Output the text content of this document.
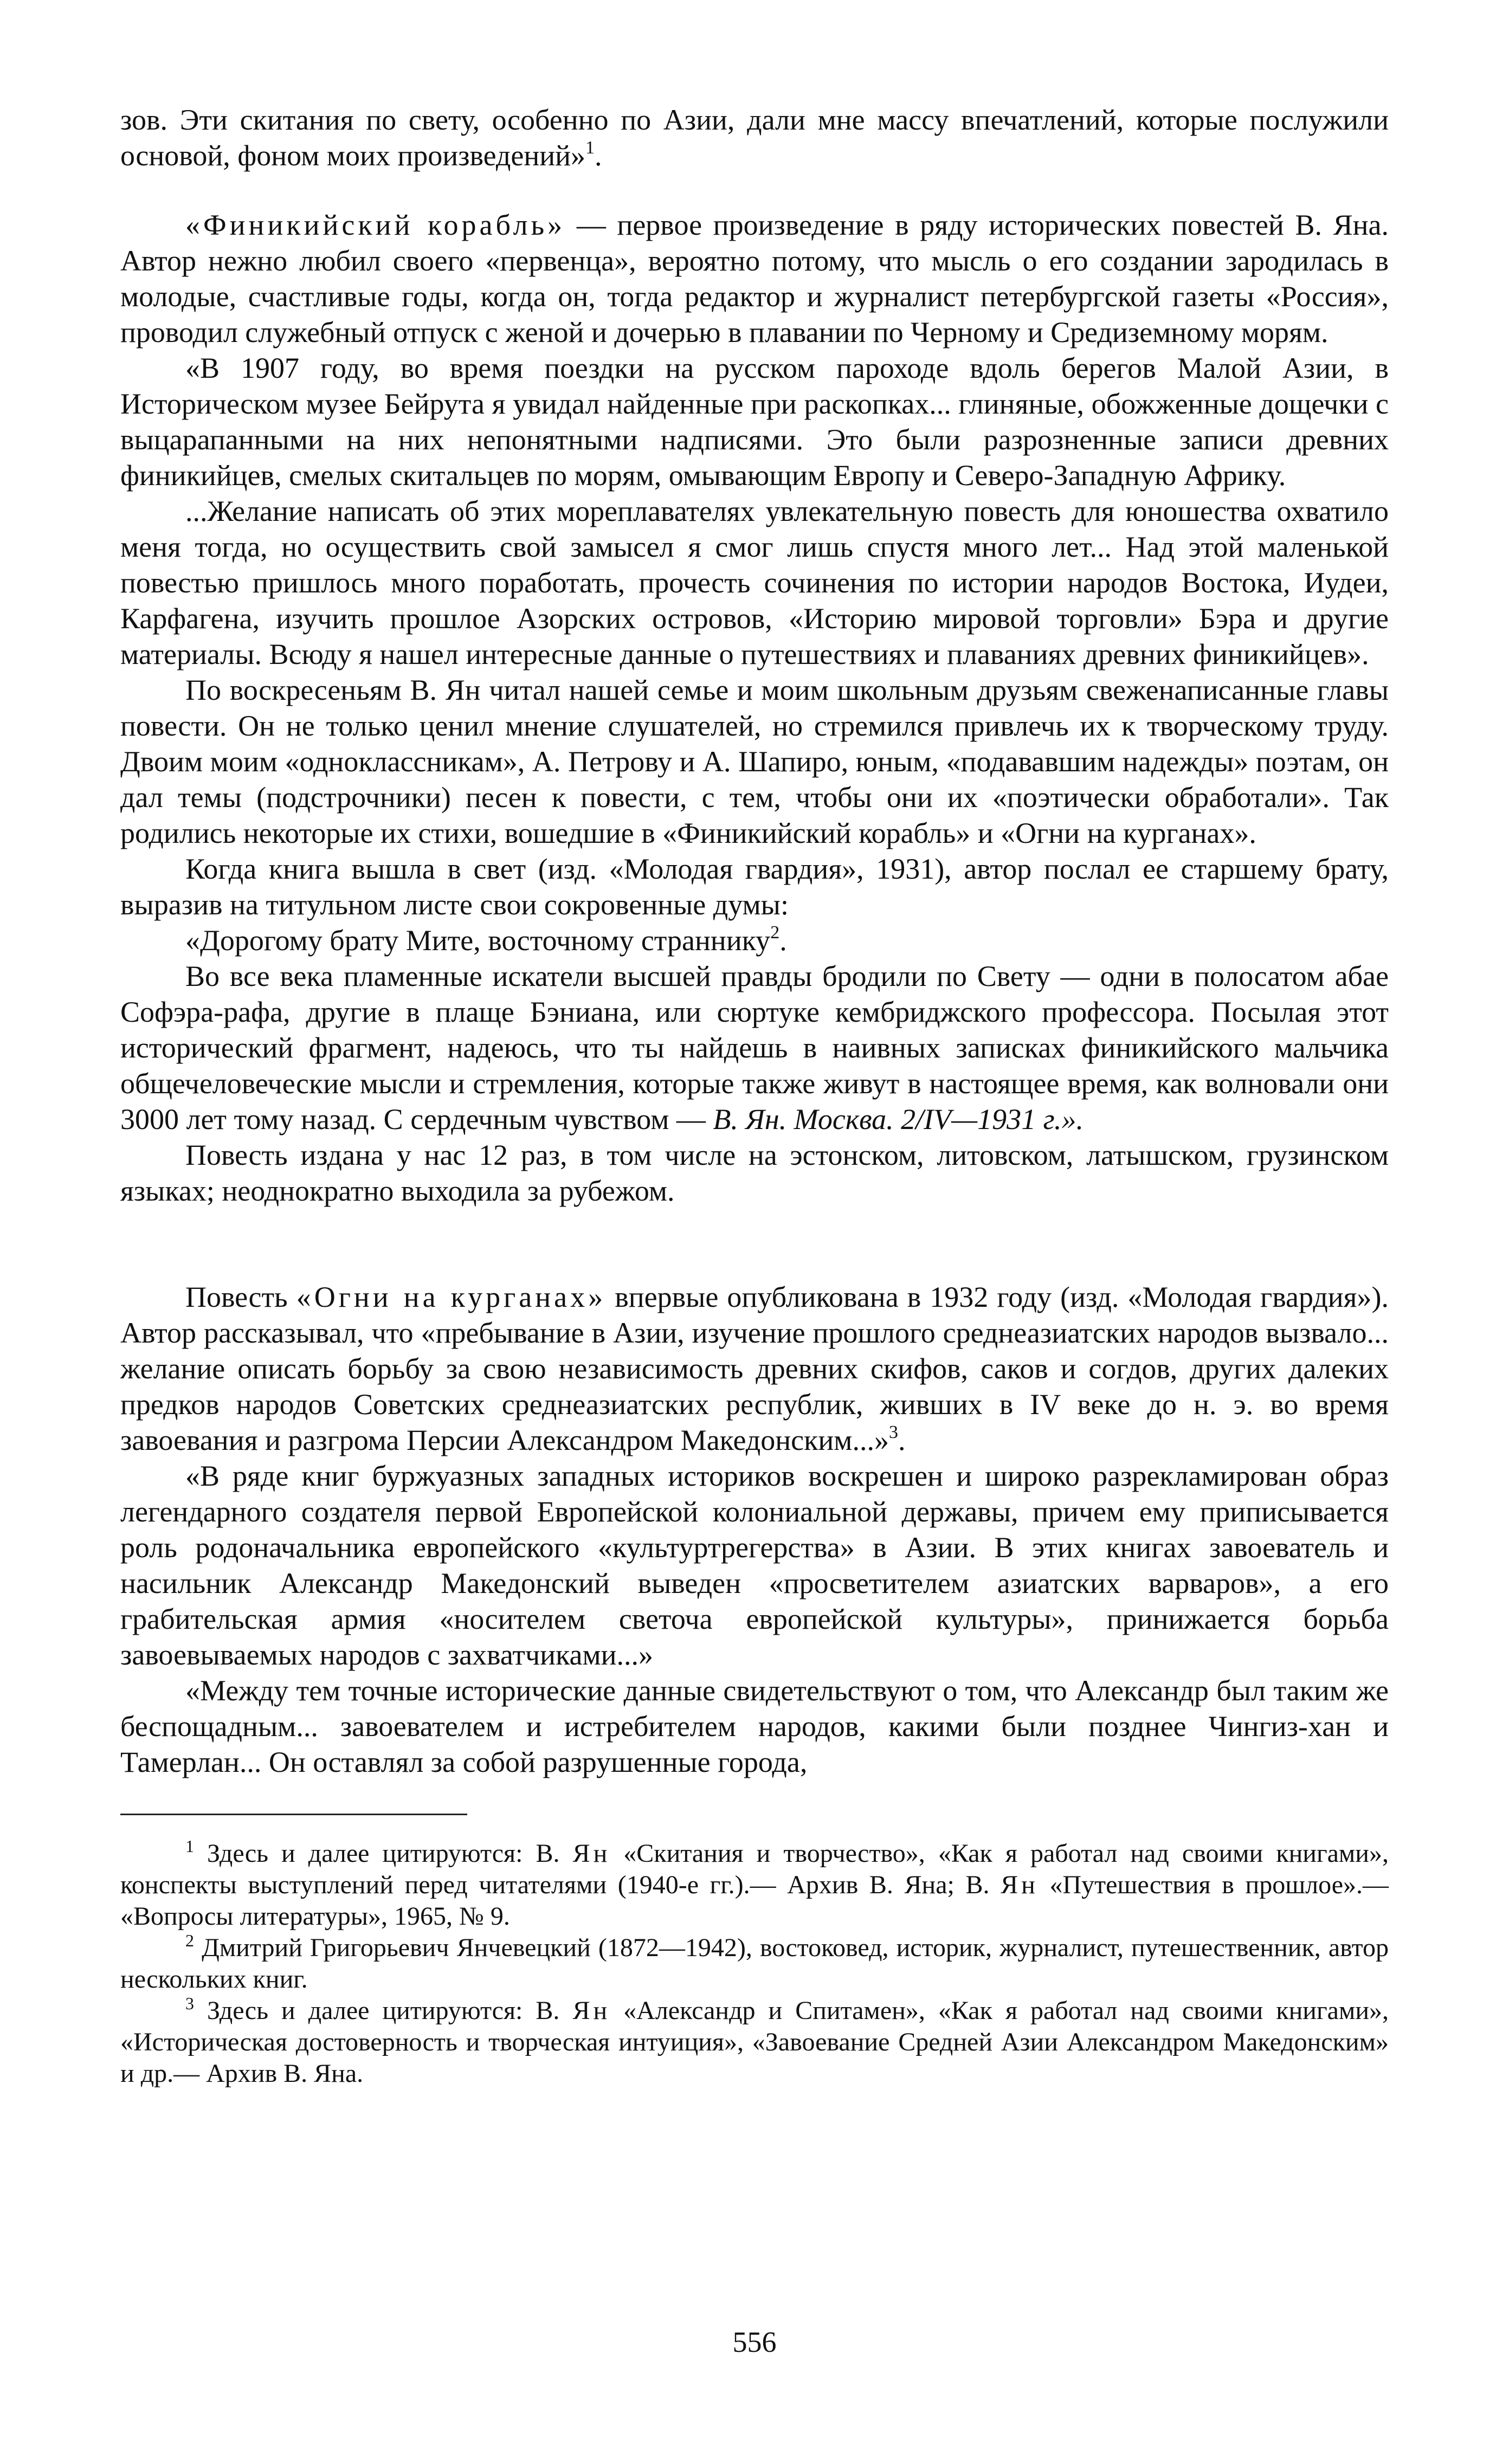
зов. Эти скитания по свету, особенно по Азии, дали мне массу впечатлений, которые послужили основой, фоном моих произведений»$^1$.

«Финикийский корабль» — первое произведение в ряду исторических повестей В. Яна. Автор нежно любил своего «первенца», вероятно потому, что мысль о его создании зародилась в молодые, счастливые годы, когда он, тогда редактор и журналист петербургской газеты «Россия», проводил служебный отпуск с женой и дочерью в плавании по Черному и Средиземному морям.

«В 1907 году, во время поездки на русском пароходе вдоль берегов Малой Азии, в Историческом музее Бейрута я увидал найденные при раскопках... глиняные, обожженные дощечки с выцарапанными на них непонятными надписями. Это были разрозненные записи древних финикийцев, смелых скитальцев по морям, омывающим Европу и Северо-Западную Африку.

...Желание написать об этих мореплавателях увлекательную повесть для юношества охватило меня тогда, но осуществить свой замысел я смог лишь спустя много лет... Над этой маленькой повестью пришлось много поработать, прочесть сочинения по истории народов Востока, Иудеи, Карфагена, изучить прошлое Азорских островов, «Историю мировой торговли» Бэра и другие материалы. Всюду я нашел интересные данные о путешествиях и плаваниях древних финикийцев».

По воскресеньям В. Ян читал нашей семье и моим школьным друзьям свеженаписанные главы повести. Он не только ценил мнение слушателей, но стремился привлечь их к творческому труду. Двоим моим «одноклассникам», А. Петрову и А. Шапиро, юным, «подававшим надежды» поэтам, он дал темы (подстрочники) песен к повести, с тем, чтобы они их «поэтически обработали». Так родились некоторые их стихи, вошедшие в «Финикийский корабль» и «Огни на курганах».

Когда книга вышла в свет (изд. «Молодая гвардия», 1931), автор послал ее старшему брату, выразив на титульном листе свои сокровенные думы:

«Дорогому брату Мите, восточному страннику$^2$.

Во все века пламенные искатели высшей правды бродили по Свету — одни в полосатом абае Софэра-рафа, другие в плаще Бэниана, или сюртуке кембриджского профессора. Посылая этот исторический фрагмент, надеюсь, что ты найдешь в наивных записках финикийского мальчика общечеловеческие мысли и стремления, которые также живут в настоящее время, как волновали они 3000 лет тому назад. С сердечным чувством — В. Ян. Москва. 2/IV—1931 г.».

Повесть издана у нас 12 раз, в том числе на эстонском, литовском, латышском, грузинском языках; неоднократно выходила за рубежом.

Повесть «Огни на курганах» впервые опубликована в 1932 году (изд. «Молодая гвардия»). Автор рассказывал, что «пребывание в Азии, изучение прошлого среднеазиатских народов вызвало... желание описать борьбу за свою независимость древних скифов, саков и согдов, других далеких предков народов Советских среднеазиатских республик, живших в IV веке до н. э. во время завоевания и разгрома Персии Александром Македонским...»$^3$.

«В ряде книг буржуазных западных историков воскрешен и широко разрекламирован образ легендарного создателя первой Европейской колониальной державы, причем ему приписывается роль родоначальника европейского «культуртрегерства» в Азии. В этих книгах завоеватель и насильник Александр Македонский выведен «просветителем азиатских варваров», а его грабительская армия «носителем светоча европейской культуры», принижается борьба завоевываемых народов с захватчиками...»

«Между тем точные исторические данные свидетельствуют о том, что Александр был таким же беспощадным... завоевателем и истребителем народов, какими были позднее Чингиз-хан и Тамерлан... Он оставлял за собой разрушенные города,

$^1$ Здесь и далее цитируются: В. Ян «Скитания и творчество», «Как я работал над своими книгами», конспекты выступлений перед читателями (1940-е гг.).— Архив В. Яна; В. Ян «Путешествия в прошлое».— «Вопросы литературы», 1965, № 9.

$^2$ Дмитрий Григорьевич Янчевецкий (1872—1942), востоковед, историк, журналист, путешественник, автор нескольких книг.

$^3$ Здесь и далее цитируются: В. Ян «Александр и Спитамен», «Как я работал над своими книгами», «Историческая достоверность и творческая интуиция», «Завоевание Средней Азии Александром Македонским» и др.— Архив В. Яна.

556
